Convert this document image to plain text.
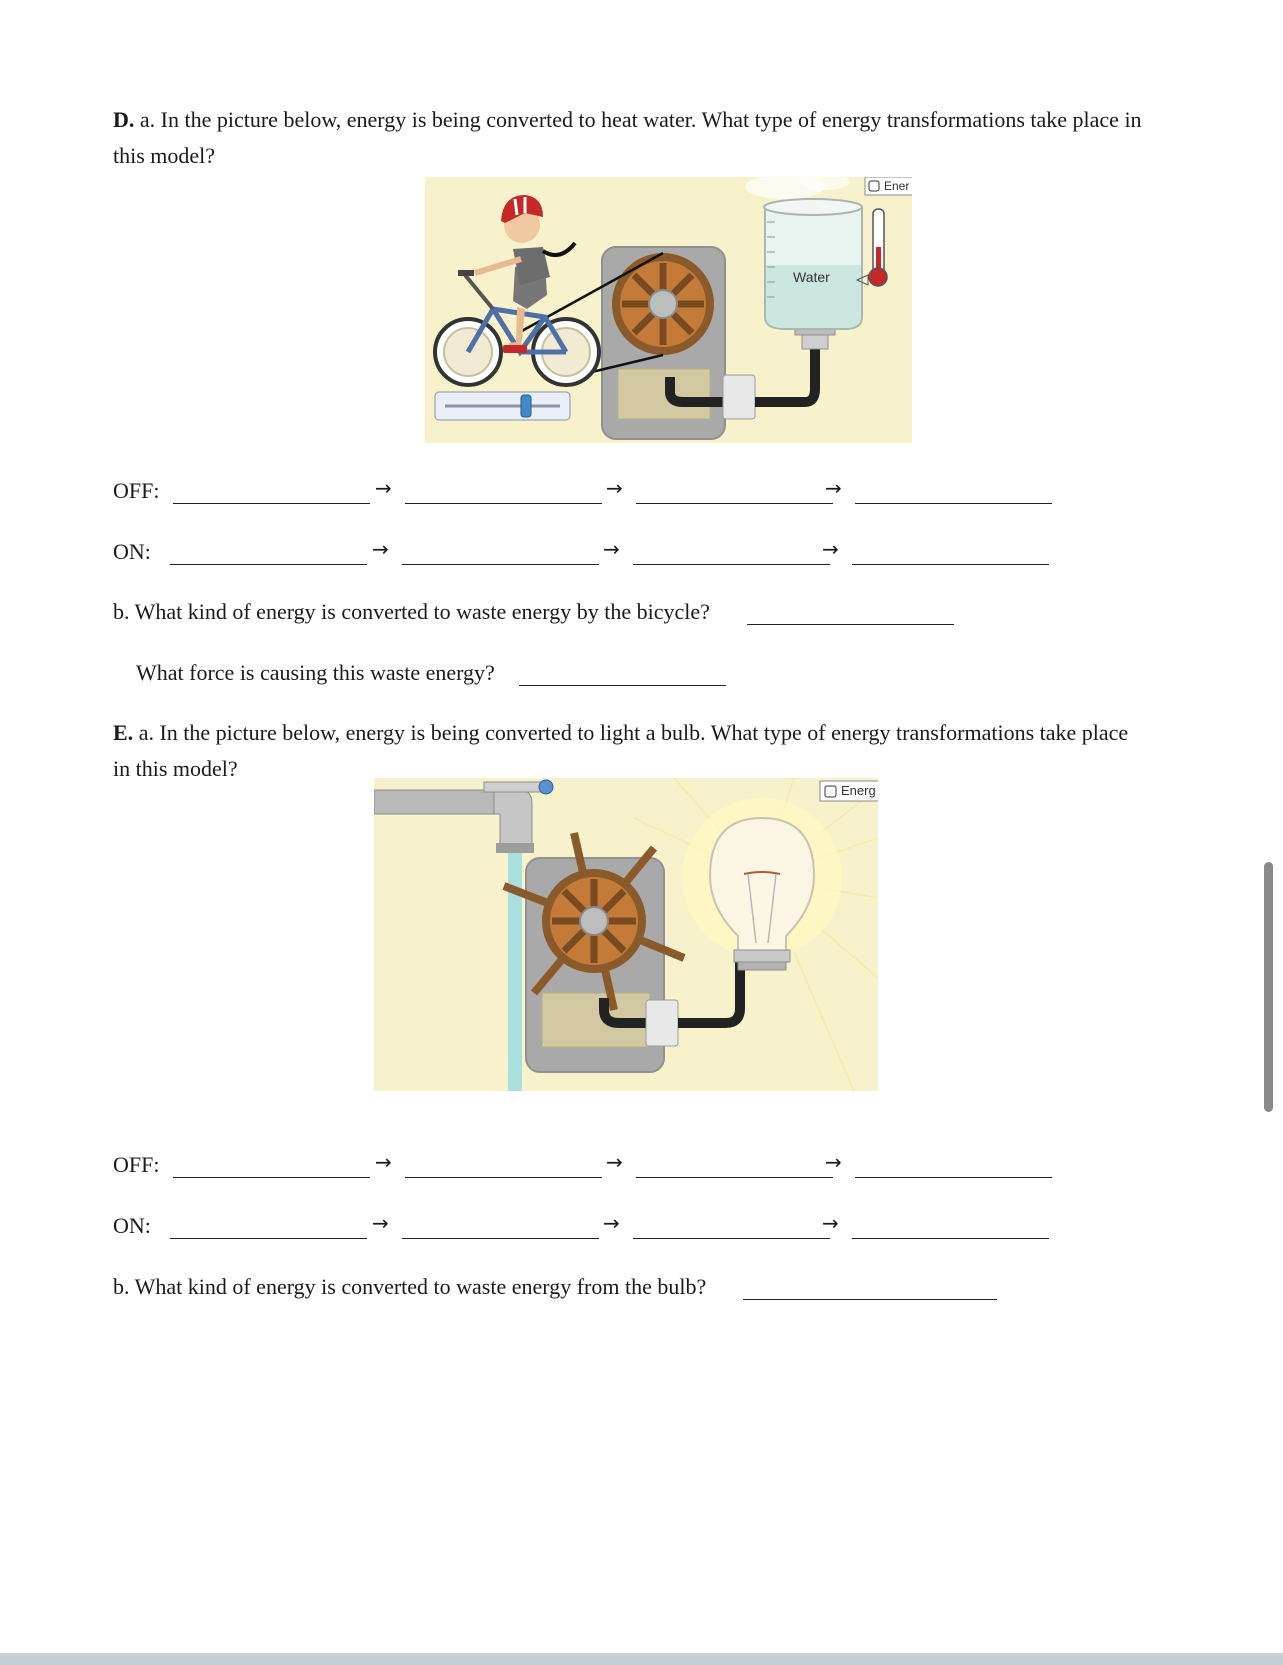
D. a. In the picture below, energy is being converted to heat water. What type of energy transformations take place in this model?
Water
Ener
OFF:	→	→	→
ON:	→	→	→
b. What kind of energy is converted to waste energy by the bicycle?
What force is causing this waste energy?
E. a. In the picture below, energy is being converted to light a bulb. What type of energy transformations take place in this model?
Energ
OFF:	→	→	→
ON:	→	→	→
b. What kind of energy is converted to waste energy from the bulb?
